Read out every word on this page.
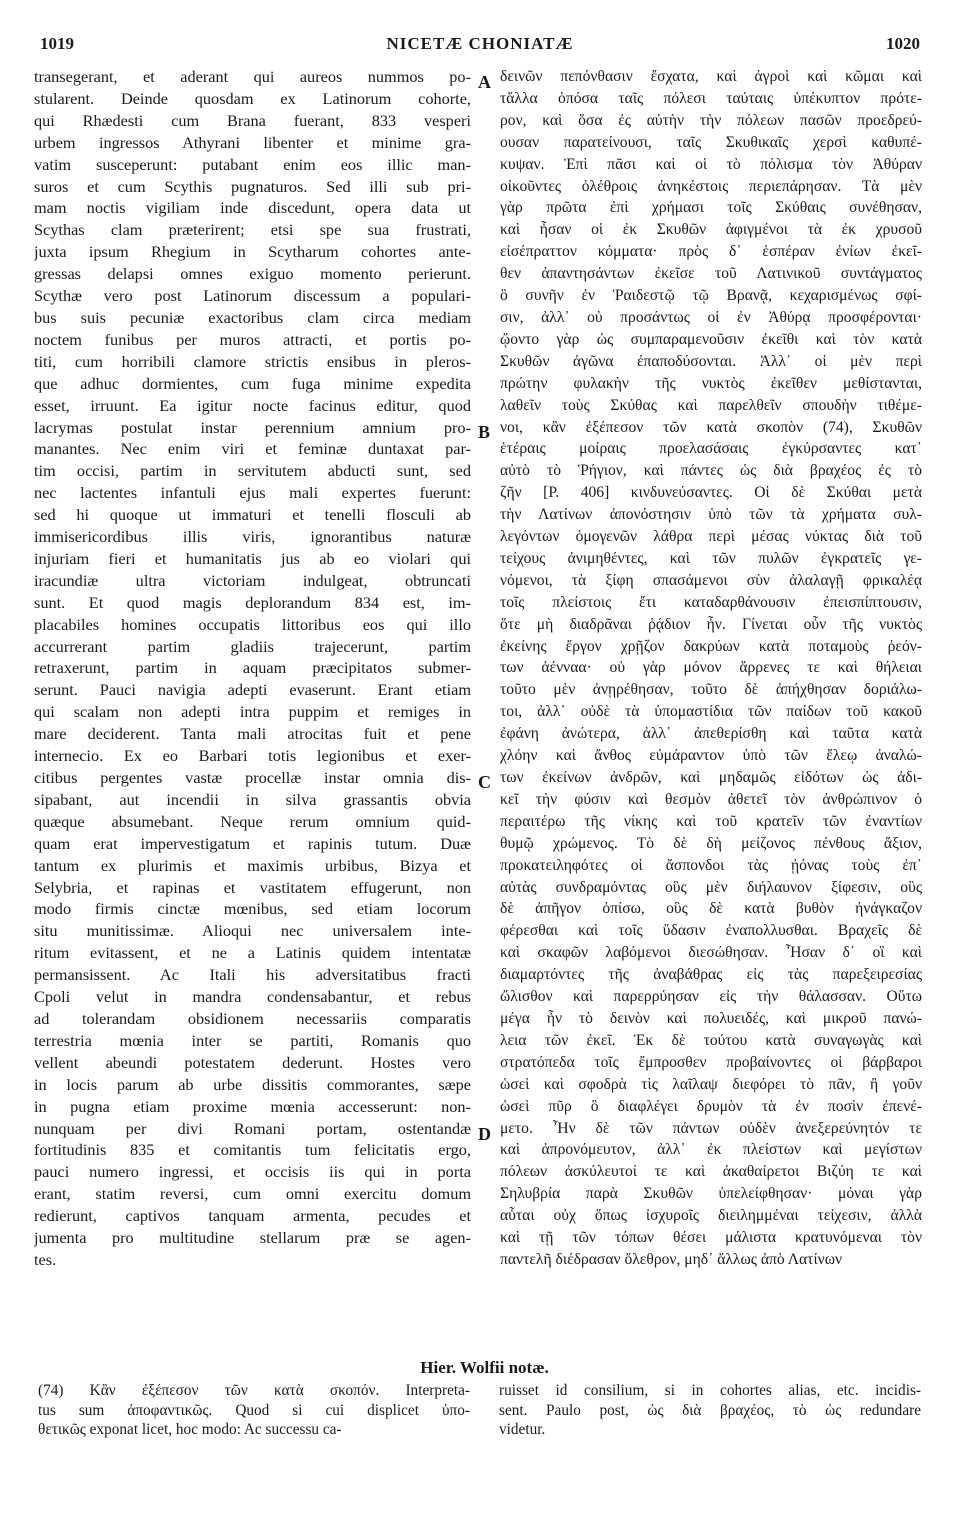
1019	NICETÆ CHONIATÆ	1020
transegerant, et aderant qui aureos nummos po-
stularent. Deinde quosdam ex Latinorum cohorte,
qui Rhædesti cum Brana fuerant, 833 vesperi
urbem ingressos Athyrani libenter et minime gra-
vatim susceperunt: putabant enim eos illic man-
suros et cum Scythis pugnaturos. Sed illi sub pri-
mam noctis vigiliam inde discedunt, opera data ut
Scythas clam præterirent; etsi spe sua frustrati,
juxta ipsum Rhegium in Scytharum cohortes ante-
gressas delapsi omnes exiguo momento perierunt.
Scythæ vero post Latinorum discessum a populari-
bus suis pecuniæ exactoribus clam circa mediam
noctem funibus per muros attracti, et portis po-
titi, cum horribili clamore strictis ensibus in pleros-
que adhuc dormientes, cum fuga minime expedita
esset, irruunt. Ea igitur nocte facinus editur, quod
lacrymas postulat instar perennium amnium pro-
manantes. Nec enim viri et feminæ duntaxat par-
tim occisi, partim in servitutem abducti sunt, sed
nec lactentes infantuli ejus mali expertes fuerunt:
sed hi quoque ut immaturi et tenelli flosculi ab
immisericordibus illis viris, ignorantibus naturæ
injuriam fieri et humanitatis jus ab eo violari qui
iracundiæ ultra victoriam indulgeat, obtruncati
sunt. Et quod magis deplorandum 834 est, im-
placabiles homines occupatis littoribus eos qui illo
accurrerant partim gladiis trajecerunt, partim
retraxerunt, partim in aquam præcipitatos submer-
serunt. Pauci navigia adepti evaserunt. Erant etiam
qui scalam non adepti intra puppim et remiges in
mare deciderent. Tanta mali atrocitas fuit et pene
internecio. Ex eo Barbari totis legionibus et exer-
citibus pergentes vastæ procellæ instar omnia dis-
sipabant, aut incendii in silva grassantis obvia
quæque absumebant. Neque rerum omnium quid-
quam erat impervestigatum et rapinis tutum. Duæ
tantum ex plurimis et maximis urbibus, Bizya et
Selybria, et rapinas et vastitatem effugerunt, non
modo firmis cinctæ mœnibus, sed etiam locorum
situ munitissimæ. Alioqui nec universalem inte-
ritum evitassent, et ne a Latinis quidem intentatæ
permansissent. Ac Itali his adversitatibus fracti
Cpoli velut in mandra condensabantur, et rebus
ad tolerandam obsidionem necessariis comparatis
terrestria mœnia inter se partiti, Romanis quo
vellent abeundi potestatem dederunt. Hostes vero
in locis parum ab urbe dissitis commorantes, sæpe
in pugna etiam proxime mœnia accesserunt: non-
nunquam per divi Romani portam, ostentandæ
fortitudinis 835 et comitantis tum felicitatis ergo,
pauci numero ingressi, et occisis iis qui in porta
erant, statim reversi, cum omni exercitu domum
redierunt, captivos tanquam armenta, pecudes et
jumenta pro multitudine stellarum præ se agen-
tes.
δεινῶν πεπόνθασιν ἔσχατα, καὶ ἀγροὶ καὶ κῶμαι καὶ
τἄλλα ὁπόσα ταῖς πόλεσι ταύταις ὑπέκυπτον πρότε-
ρον, καὶ ὅσα ἐς αὐτὴν τὴν πόλεων πασῶν προεδρεύ-
ουσαν παρατείνουσι, ταῖς Σκυθικαῖς χερσὶ καθυπέ-
κυψαν. Ἐπὶ πᾶσι καὶ οἱ τὸ πόλισμα τὸν Ἀθύραν
οἰκοῦντες ὀλέθροις ἀνηκέστοις περιεπάρησαν. Τὰ μὲν
γὰρ πρῶτα ἐπὶ χρήμασι τοῖς Σκύθαις συνέθησαν,
καὶ ἦσαν οἱ ἐκ Σκυθῶν ἀφιγμένοι τὰ ἐκ χρυσοῦ
εἰσέπραττον κόμματα· πρὸς δ᾽ ἑσπέραν ἐνίων ἐκεῖ-
θεν ἀπαντησάντων ἐκεῖσε τοῦ Λατινικοῦ συντάγματος
ὃ συνῆν ἐν Ῥαιδεστῷ τῷ Βρανᾷ, κεχαρισμένως σφί-
σιν, ἀλλ᾽ οὐ προσάντως οἱ ἐν Ἀθύρᾳ προσφέρονται·
ᾤοντο γὰρ ὡς συμπαραμενοῦσιν ἐκεῖθι καὶ τὸν κατὰ
Σκυθῶν ἀγῶνα ἐπαποδύσονται. Ἀλλ᾽ οἱ μὲν περὶ
πρώτην φυλακὴν τῆς νυκτὸς ἐκεῖθεν μεθίστανται,
λαθεῖν τοὺς Σκύθας καὶ παρελθεῖν σπουδὴν τιθέμε-
νοι, κἂν ἐξέπεσον τῶν κατὰ σκοπὸν (74), Σκυθῶν
ἑτέραις μοίραις προελασάσαις ἐγκύρσαντες κατ᾽
αὐτὸ τὸ Ῥήγιον, καὶ πάντες ὡς διὰ βραχέος ἐς τὸ
ζῆν [P. 406] κινδυνεύσαντες. Οἱ δὲ Σκύθαι μετὰ
τὴν Λατίνων ἀπονόστησιν ὑπὸ τῶν τὰ χρήματα συλ-
λεγόντων ὁμογενῶν λάθρα περὶ μέσας νύκτας διὰ τοῦ
τείχους ἀνιμηθέντες, καὶ τῶν πυλῶν ἐγκρατεῖς γε-
νόμενοι, τὰ ξίφη σπασάμενοι σὺν ἀλαλαγῇ φρικαλέᾳ
τοῖς πλείστοις ἔτι καταδαρθάνουσιν ἐπεισπίπτουσιν,
ὅτε μὴ διαδρᾶναι ῥᾴδιον ἦν. Γίνεται οὖν τῆς νυκτὸς
ἐκείνης ἔργον χρῇζον δακρύων κατὰ ποταμοὺς ῥεόν-
των ἀένναα· οὐ γὰρ μόνον ἄρρενες τε καὶ θήλειαι
τοῦτο μὲν ἀνῃρέθησαν, τοῦτο δὲ ἀπήχθησαν δοριάλω-
τοι, ἀλλ᾽ οὐδὲ τὰ ὑπομαστίδια τῶν παίδων τοῦ κακοῦ
ἐφάνη ἀνώτερα, ἀλλ᾽ ἀπεθερίσθη καὶ ταῦτα κατὰ
χλόην καὶ ἄνθος εὐμάραντον ὑπὸ τῶν ἔλεῳ ἀναλώ-
των ἐκείνων ἀνδρῶν, καὶ μηδαμῶς εἰδότων ὡς ἀδι-
κεῖ τὴν φύσιν καὶ θεσμὸν ἀθετεῖ τὸν ἀνθρώπινον ὁ
περαιτέρω τῆς νίκης καὶ τοῦ κρατεῖν τῶν ἐναντίων
θυμῷ χρώμενος. Τὸ δὲ δὴ μείζονος πένθους ἄξιον,
προκατειληφότες οἱ ἄσπονδοι τὰς ᾐόνας τοὺς ἐπ᾽
αὐτὰς συνδραμόντας οὓς μὲν διήλαυνον ξίφεσιν, οὓς
δὲ ἀπῆγον ὀπίσω, οὓς δὲ κατὰ βυθὸν ἠνάγκαζον
φέρεσθαι καὶ τοῖς ὕδασιν ἐναπολλυσθαι. Βραχεῖς δὲ
καὶ σκαφῶν λαβόμενοι διεσώθησαν. Ἦσαν δ᾽ οἳ καὶ
διαμαρτόντες τῆς ἀναβάθρας εἰς τὰς παρεξειρεσίας
ὤλισθον καὶ παρερρύησαν εἰς τὴν θάλασσαν. Οὕτω
μέγα ἦν τὸ δεινὸν καὶ πολυειδές, καὶ μικροῦ πανώ-
λεια τῶν ἐκεῖ. Ἐκ δὲ τούτου κατὰ συναγωγὰς καὶ
στρατόπεδα τοῖς ἔμπροσθεν προβαίνοντες οἱ βάρβαροι
ὡσεὶ καὶ σφοδρὰ τὶς λαῖλαψ διεφόρει τὸ πᾶν, ἢ γοῦν
ὡσεὶ πῦρ ὃ διαφλέγει δρυμὸν τὰ ἐν ποσὶν ἐπενέ-
μετο. Ἦν δὲ τῶν πάντων οὐδὲν ἀνεξερεύνητόν τε
καὶ ἀπρονόμευτον, ἀλλ᾽ ἐκ πλείστων καὶ μεγίστων
πόλεων ἀσκύλευτοί τε καὶ ἀκαθαίρετοι Βιζύη τε καὶ
Σηλυβρία παρὰ Σκυθῶν ὑπελείφθησαν· μόναι γὰρ
αὗται οὐχ ὅπως ἰσχυροῖς διειλημμέναι τείχεσιν, ἀλλὰ
καὶ τῇ τῶν τόπων θέσει μάλιστα κρατυνόμεναι τὸν
παντελῆ διέδρασαν ὄλεθρον, μηδ᾽ ἄλλως ἀπὸ Λατίνων
A
B
C
D
Hier. Wolfii notæ.
(74) Κἂν ἐξέπεσον τῶν κατὰ σκοπόν. Interpreta-
tus sum ἀποφαντικῶς. Quod si cui displicet ὑπο-
θετικῶς exponat licet, hoc modo: Ac successu ca-
ruisset id consilium, si in cohortes alias, etc. incidis-
sent. Paulo post, ὡς διὰ βραχέος, τὸ ὡς redundare
videtur.
